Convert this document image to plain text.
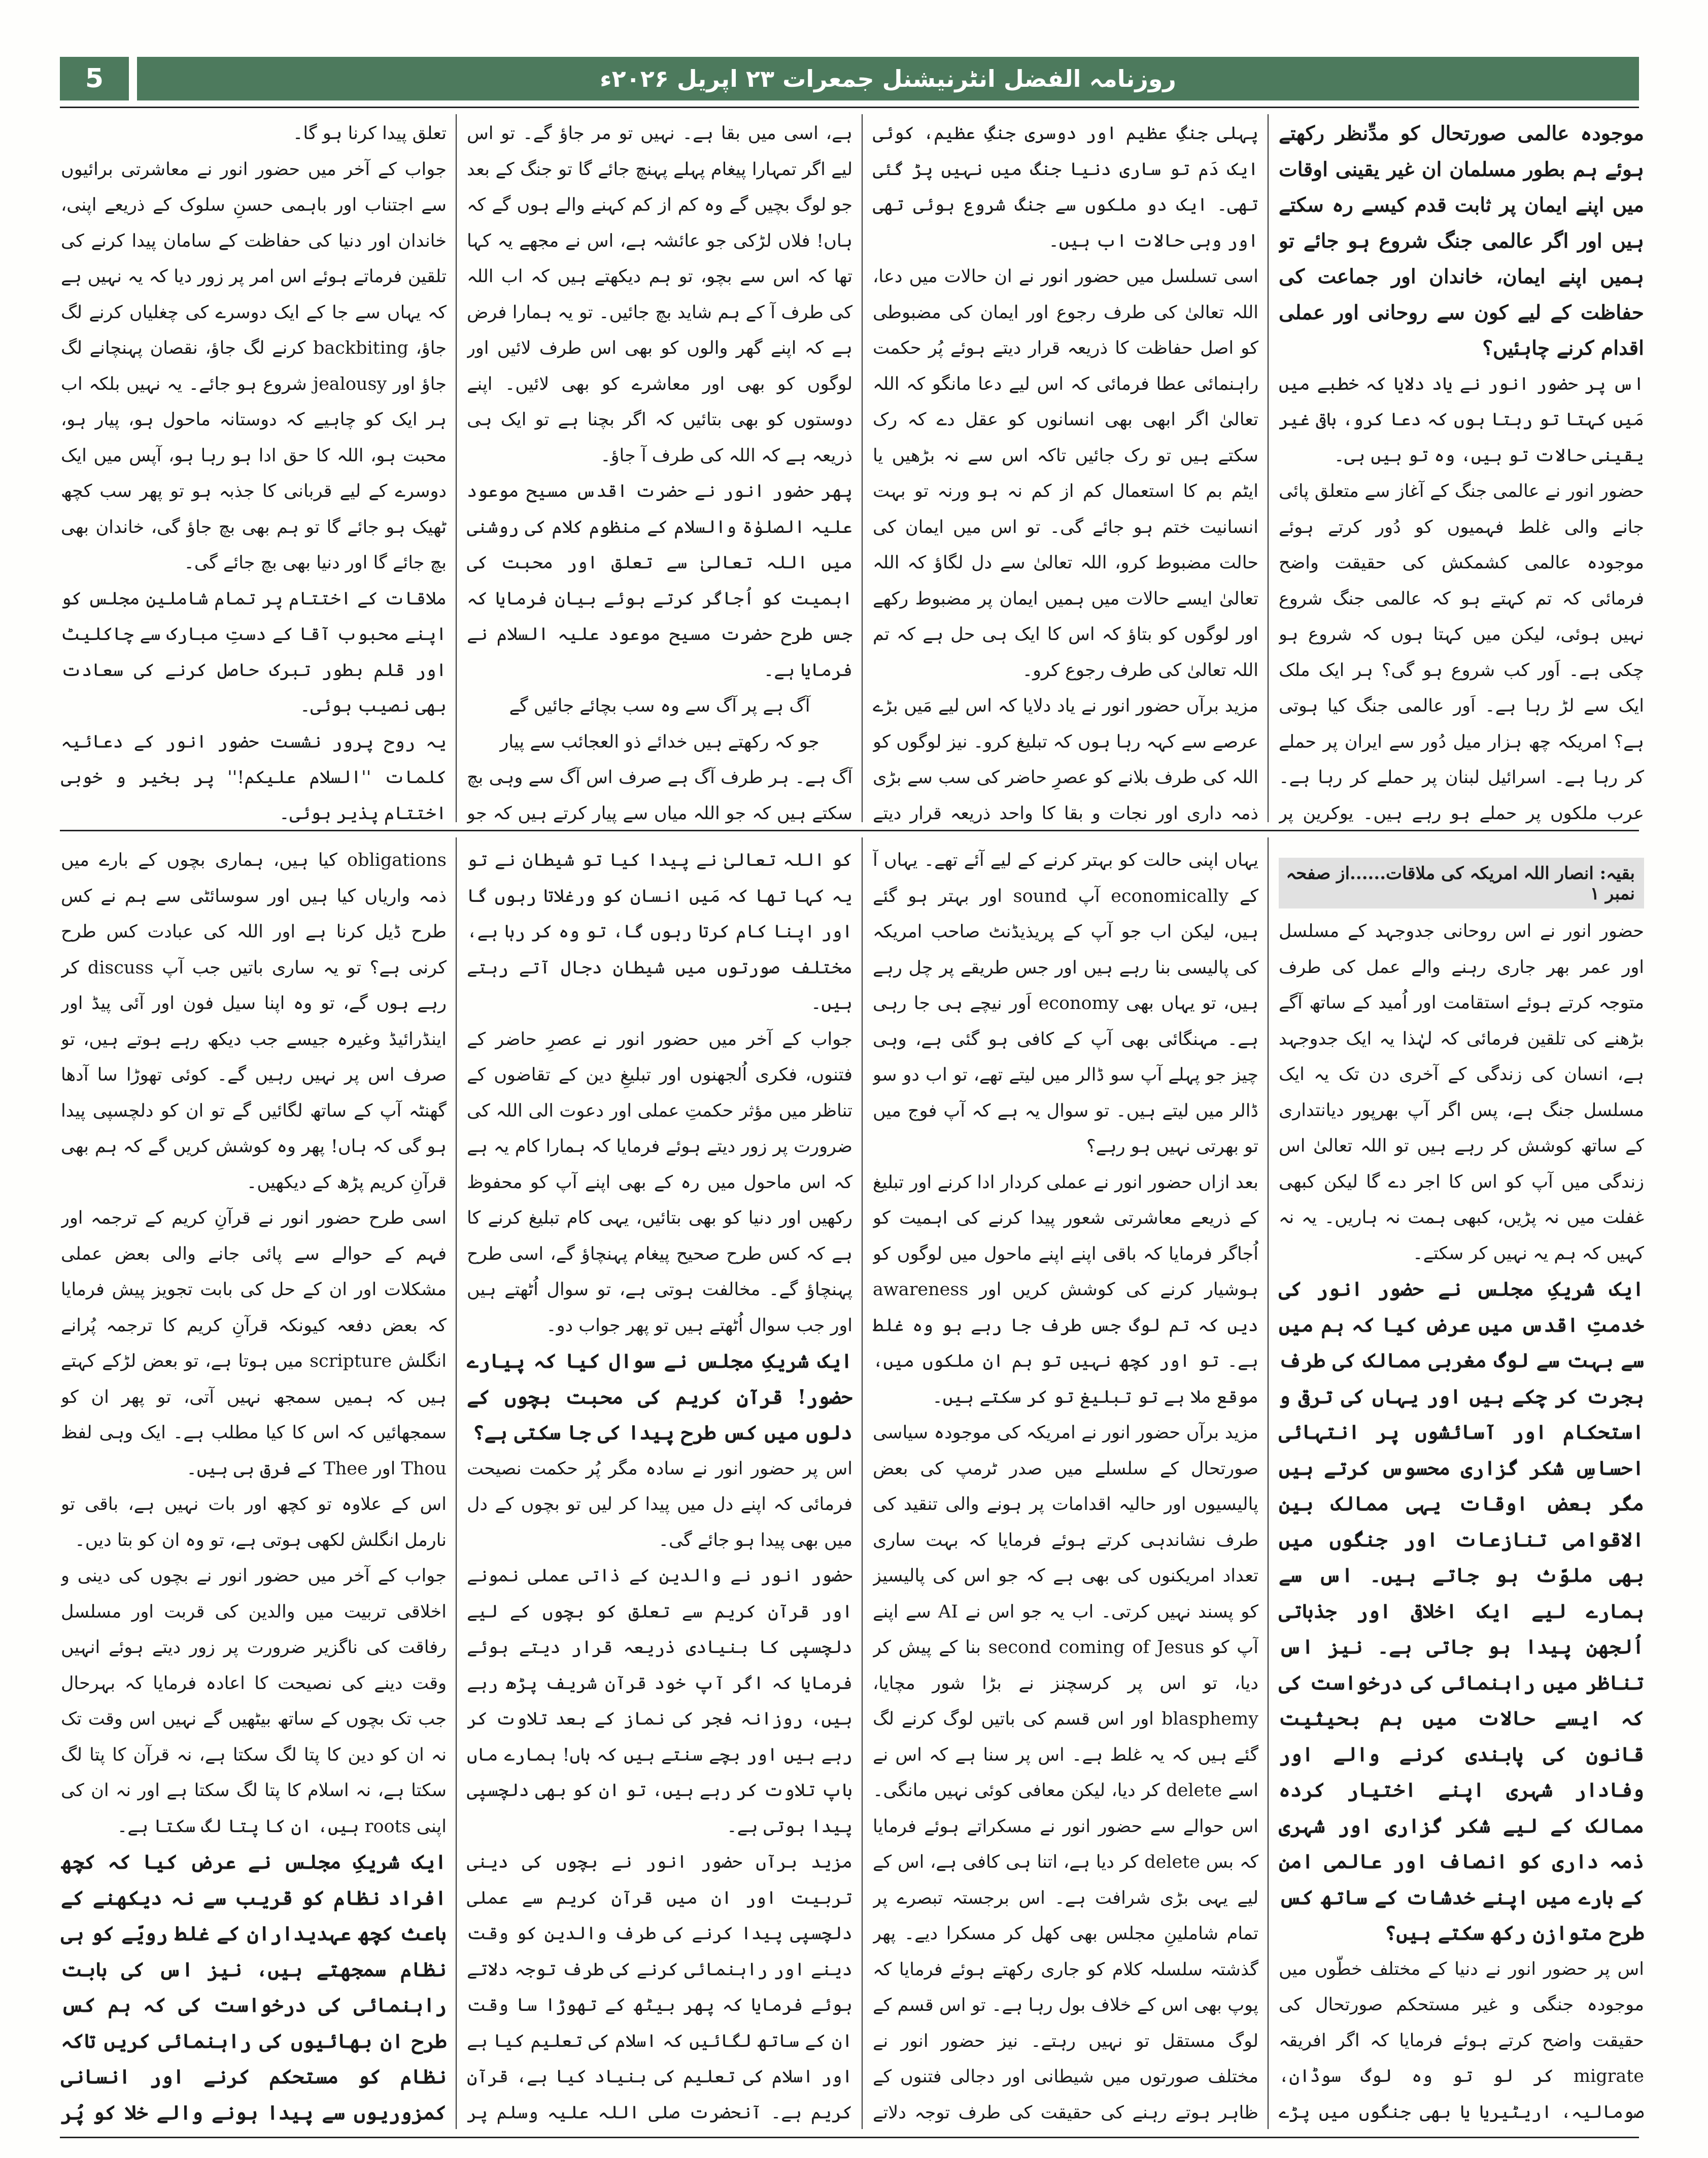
5	روزنامہ الفضل انٹرنیشنل جمعرات ۲۳ اپریل ۲۰۲۶ء

موجودہ عالمی صورتحال کو مدِّنظر رکھتے ہوئے ہم بطور مسلمان ان غیر یقینی اوقات میں اپنے ایمان پر ثابت قدم کیسے رہ سکتے ہیں اور اگر عالمی جنگ شروع ہو جائے تو ہمیں اپنے ایمان، خاندان اور جماعت کی حفاظت کے لیے کون سے روحانی اور عملی اقدام کرنے چاہئیں؟

اس پر حضور انور نے یاد دلایا کہ خطبے میں مَیں کہتا تو رہتا ہوں کہ دعا کرو، باقی غیر یقینی حالات تو ہیں، وہ تو ہیں ہی۔

حضور انور نے عالمی جنگ کے آغاز سے متعلق پائی جانے والی غلط فہمیوں کو دُور کرتے ہوئے موجودہ عالمی کشمکش کی حقیقت واضح فرمائی کہ تم کہتے ہو کہ عالمی جنگ شروع نہیں ہوئی، لیکن میں کہتا ہوں کہ شروع ہو چکی ہے۔ اَور کب شروع ہو گی؟ ہر ایک ملک ایک سے لڑ رہا ہے۔ اَور عالمی جنگ کیا ہوتی ہے؟ امریکہ چھ ہزار میل دُور سے ایران پر حملے کر رہا ہے۔ اسرائیل لبنان پر حملے کر رہا ہے۔ عرب ملکوں پر حملے ہو رہے ہیں۔ یوکرین پر

پہلی جنگِ عظیم اور دوسری جنگِ عظیم، کوئی ایک دَم تو ساری دنیا جنگ میں نہیں پڑ گئی تھی۔ ایک دو ملکوں سے جنگ شروع ہوئی تھی اور وہی حالات اب ہیں۔

اسی تسلسل میں حضور انور نے ان حالات میں دعا، اللہ تعالیٰ کی طرف رجوع اور ایمان کی مضبوطی کو اصل حفاظت کا ذریعہ قرار دیتے ہوئے پُر حکمت راہنمائی عطا فرمائی کہ اس لیے دعا مانگو کہ اللہ تعالیٰ اگر ابھی بھی انسانوں کو عقل دے کہ رک سکتے ہیں تو رک جائیں تاکہ اس سے نہ بڑھیں یا ایٹم بم کا استعمال کم از کم نہ ہو ورنہ تو بہت انسانیت ختم ہو جائے گی۔ تو اس میں ایمان کی حالت مضبوط کرو، اللہ تعالیٰ سے دل لگاؤ کہ اللہ تعالیٰ ایسے حالات میں ہمیں ایمان پر مضبوط رکھے اور لوگوں کو بتاؤ کہ اس کا ایک ہی حل ہے کہ تم اللہ تعالیٰ کی طرف رجوع کرو۔

مزید برآں حضور انور نے یاد دلایا کہ اس لیے مَیں بڑے عرصے سے کہہ رہا ہوں کہ تبلیغ کرو۔ نیز لوگوں کو اللہ کی طرف بلانے کو عصرِ حاضر کی سب سے بڑی ذمہ داری اور نجات و بقا کا واحد ذریعہ قرار دیتے

ہے، اسی میں بقا ہے۔ نہیں تو مر جاؤ گے۔ تو اس لیے اگر تمہارا پیغام پہلے پہنچ جائے گا تو جنگ کے بعد جو لوگ بچیں گے وہ کم از کم کہنے والے ہوں گے کہ ہاں! فلاں لڑکی جو عائشہ ہے، اس نے مجھے یہ کہا تھا کہ اس سے بچو، تو ہم دیکھتے ہیں کہ اب اللہ کی طرف آ کے ہم شاید بچ جائیں۔ تو یہ ہمارا فرض ہے کہ اپنے گھر والوں کو بھی اس طرف لائیں اور لوگوں کو بھی اور معاشرے کو بھی لائیں۔ اپنے دوستوں کو بھی بتائیں کہ اگر بچنا ہے تو ایک ہی ذریعہ ہے کہ اللہ کی طرف آ جاؤ۔

پھر حضور انور نے حضرت اقدس مسیح موعود علیہ الصلوٰۃ والسلام کے منظوم کلام کی روشنی میں اللہ تعالیٰ سے تعلق اور محبت کی اہمیت کو اُجاگر کرتے ہوئے بیان فرمایا کہ جس طرح حضرت مسیح موعود علیہ السلام نے فرمایا ہے۔

آگ ہے پر آگ سے وہ سب بچائے جائیں گے

جو کہ رکھتے ہیں خدائے ذو العجائب سے پیار

آگ ہے۔ ہر طرف آگ ہے صرف اس آگ سے وہی بچ سکتے ہیں کہ جو اللہ میاں سے پیار کرتے ہیں کہ جو

تعلق پیدا کرنا ہو گا۔

جواب کے آخر میں حضور انور نے معاشرتی برائیوں سے اجتناب اور باہمی حسنِ سلوک کے ذریعے اپنی، خاندان اور دنیا کی حفاظت کے سامان پیدا کرنے کی تلقین فرماتے ہوئے اس امر پر زور دیا کہ یہ نہیں ہے کہ یہاں سے جا کے ایک دوسرے کی چغلیاں کرنے لگ جاؤ، backbiting کرنے لگ جاؤ، نقصان پہنچانے لگ جاؤ اور jealousy شروع ہو جائے۔ یہ نہیں بلکہ اب ہر ایک کو چاہیے کہ دوستانہ ماحول ہو، پیار ہو، محبت ہو، اللہ کا حق ادا ہو رہا ہو، آپس میں ایک دوسرے کے لیے قربانی کا جذبہ ہو تو پھر سب کچھ ٹھیک ہو جائے گا تو ہم بھی بچ جاؤ گی، خاندان بھی بچ جائے گا اور دنیا بھی بچ جائے گی۔

ملاقات کے اختتام پر تمام شاملینِ مجلس کو اپنے محبوب آقا کے دستِ مبارک سے چاکلیٹ اور قلم بطور تبرک حاصل کرنے کی سعادت بھی نصیب ہوئی۔

یہ روح پرور نشست حضور انور کے دعائیہ کلمات ''السلام علیکم!'' پر بخیر و خوبی اختتام پذیر ہوئی۔

بقیہ: انصار اللہ امریکہ کی ملاقات......از صفحہ نمبر ۱

حضور انور نے اس روحانی جدوجہد کے مسلسل اور عمر بھر جاری رہنے والے عمل کی طرف متوجہ کرتے ہوئے استقامت اور اُمید کے ساتھ آگے بڑھنے کی تلقین فرمائی کہ لہٰذا یہ ایک جدوجہد ہے، انسان کی زندگی کے آخری دن تک یہ ایک مسلسل جنگ ہے، پس اگر آپ بھرپور دیانتداری کے ساتھ کوشش کر رہے ہیں تو اللہ تعالیٰ اس زندگی میں آپ کو اس کا اجر دے گا لیکن کبھی غفلت میں نہ پڑیں، کبھی ہمت نہ ہاریں۔ یہ نہ کہیں کہ ہم یہ نہیں کر سکتے۔

ایک شریکِ مجلس نے حضور انور کی خدمتِ اقدس میں عرض کیا کہ ہم میں سے بہت سے لوگ مغربی ممالک کی طرف ہجرت کر چکے ہیں اور یہاں کی ترقی و استحکام اور آسائشوں پر انتہائی احساسِ شکر گزاری محسوس کرتے ہیں مگر بعض اوقات یہی ممالک بین الاقوامی تنازعات اور جنگوں میں بھی ملوّث ہو جاتے ہیں۔ اس سے ہمارے لیے ایک اخلاقی اور جذباتی اُلجھن پیدا ہو جاتی ہے۔ نیز اس تناظر میں راہنمائی کی درخواست کی کہ ایسے حالات میں ہم بحیثیت قانون کی پابندی کرنے والے اور وفادار شہری اپنے اختیار کردہ ممالک کے لیے شکر گزاری اور شہری ذمہ داری کو انصاف اور عالمی امن کے بارے میں اپنے خدشات کے ساتھ کس طرح متوازن رکھ سکتے ہیں؟

اس پر حضور انور نے دنیا کے مختلف خطّوں میں موجودہ جنگی و غیر مستحکم صورتحال کی حقیقت واضح کرتے ہوئے فرمایا کہ اگر افریقہ migrate کر لو تو وہ لوگ سوڈان، صومالیہ، اریٹیریا یا بھی جنگوں میں پڑے

یہاں اپنی حالت کو بہتر کرنے کے لیے آئے تھے۔ یہاں آ کے economically آپ sound اور بہتر ہو گئے ہیں، لیکن اب جو آپ کے پریذیڈنٹ صاحب امریکہ کی پالیسی بنا رہے ہیں اور جس طریقے پر چل رہے ہیں، تو یہاں بھی economy اَور نیچے ہی جا رہی ہے۔ مہنگائی بھی آپ کے کافی ہو گئی ہے، وہی چیز جو پہلے آپ سو ڈالر میں لیتے تھے، تو اب دو سو ڈالر میں لیتے ہیں۔ تو سوال یہ ہے کہ آپ فوج میں تو بھرتی نہیں ہو رہے؟

بعد ازاں حضور انور نے عملی کردار ادا کرنے اور تبلیغ کے ذریعے معاشرتی شعور پیدا کرنے کی اہمیت کو اُجاگر فرمایا کہ باقی اپنے اپنے ماحول میں لوگوں کو ہوشیار کرنے کی کوشش کریں اور awareness دیں کہ تم لوگ جس طرف جا رہے ہو وہ غلط ہے۔ تو اور کچھ نہیں تو ہم ان ملکوں میں، موقع ملا ہے تو تبلیغ تو کر سکتے ہیں۔

مزید برآں حضور انور نے امریکہ کی موجودہ سیاسی صورتحال کے سلسلے میں صدر ٹرمپ کی بعض پالیسیوں اور حالیہ اقدامات پر ہونے والی تنقید کی طرف نشاندہی کرتے ہوئے فرمایا کہ بہت ساری تعداد امریکنوں کی بھی ہے کہ جو اس کی پالیسیز کو پسند نہیں کرتی۔ اب یہ جو اس نے AI سے اپنے آپ کو second coming of Jesus بنا کے پیش کر دیا، تو اس پر کرسچنز نے بڑا شور مچایا، blasphemy اور اس قسم کی باتیں لوگ کرنے لگ گئے ہیں کہ یہ غلط ہے۔ اس پر سنا ہے کہ اس نے اسے delete کر دیا، لیکن معافی کوئی نہیں مانگی۔ اس حوالے سے حضور انور نے مسکراتے ہوئے فرمایا کہ بس delete کر دیا ہے، اتنا ہی کافی ہے، اس کے لیے یہی بڑی شرافت ہے۔ اس برجستہ تبصرے پر تمام شاملینِ مجلس بھی کھل کر مسکرا دیے۔ پھر گذشتہ سلسلہ کلام کو جاری رکھتے ہوئے فرمایا کہ پوپ بھی اس کے خلاف بول رہا ہے۔ تو اس قسم کے لوگ مستقل تو نہیں رہتے۔ نیز حضور انور نے مختلف صورتوں میں شیطانی اور دجالی فتنوں کے ظاہر ہوتے رہنے کی حقیقت کی طرف توجہ دلاتے

کو اللہ تعالیٰ نے پیدا کیا تو شیطان نے تو یہ کہا تھا کہ مَیں انسان کو ورغلاتا رہوں گا اور اپنا کام کرتا رہوں گا، تو وہ کر رہا ہے، مختلف صورتوں میں شیطان دجال آتے رہتے ہیں۔

جواب کے آخر میں حضور انور نے عصرِ حاضر کے فتنوں، فکری اُلجھنوں اور تبلیغِ دین کے تقاضوں کے تناظر میں مؤثر حکمتِ عملی اور دعوت الی اللہ کی ضرورت پر زور دیتے ہوئے فرمایا کہ ہمارا کام یہ ہے کہ اس ماحول میں رہ کے بھی اپنے آپ کو محفوظ رکھیں اور دنیا کو بھی بتائیں، یہی کام تبلیغ کرنے کا ہے کہ کس طرح صحیح پیغام پہنچاؤ گے، اسی طرح پہنچاؤ گے۔ مخالفت ہوتی ہے، تو سوال اُٹھتے ہیں اور جب سوال اُٹھتے ہیں تو پھر جواب دو۔

ایک شریکِ مجلس نے سوال کیا کہ پیارے حضور! قرآنِ کریم کی محبت بچوں کے دلوں میں کس طرح پیدا کی جا سکتی ہے؟

اس پر حضور انور نے سادہ مگر پُر حکمت نصیحت فرمائی کہ اپنے دل میں پیدا کر لیں تو بچوں کے دل میں بھی پیدا ہو جائے گی۔

حضور انور نے والدین کے ذاتی عملی نمونے اور قرآنِ کریم سے تعلق کو بچوں کے لیے دلچسپی کا بنیادی ذریعہ قرار دیتے ہوئے فرمایا کہ اگر آپ خود قرآن شریف پڑھ رہے ہیں، روزانہ فجر کی نماز کے بعد تلاوت کر رہے ہیں اور بچے سنتے ہیں کہ ہاں! ہمارے ماں باپ تلاوت کر رہے ہیں، تو ان کو بھی دلچسپی پیدا ہوتی ہے۔

مزید برآں حضور انور نے بچوں کی دینی تربیت اور ان میں قرآنِ کریم سے عملی دلچسپی پیدا کرنے کی طرف والدین کو وقت دینے اور راہنمائی کرنے کی طرف توجہ دلاتے ہوئے فرمایا کہ پھر بیٹھ کے تھوڑا سا وقت ان کے ساتھ لگائیں کہ اسلام کی تعلیم کیا ہے اور اسلام کی تعلیم کی بنیاد کیا ہے، قرآنِ کریم ہے۔ آنحضرت صلی اللہ علیہ وسلم پر

obligations کیا ہیں، ہماری بچوں کے بارے میں ذمہ واریاں کیا ہیں اور سوسائٹی سے ہم نے کس طرح ڈیل کرنا ہے اور اللہ کی عبادت کس طرح کرنی ہے؟ تو یہ ساری باتیں جب آپ discuss کر رہے ہوں گے، تو وہ اپنا سیل فون اور آئی پیڈ اور اینڈرائیڈ وغیرہ جیسے جب دیکھ رہے ہوتے ہیں، تو صرف اس پر نہیں رہیں گے۔ کوئی تھوڑا سا آدھا گھنٹہ آپ کے ساتھ لگائیں گے تو ان کو دلچسپی پیدا ہو گی کہ ہاں! پھر وہ کوشش کریں گے کہ ہم بھی قرآنِ کریم پڑھ کے دیکھیں۔

اسی طرح حضور انور نے قرآنِ کریم کے ترجمہ اور فہم کے حوالے سے پائی جانے والی بعض عملی مشکلات اور ان کے حل کی بابت تجویز پیش فرمایا کہ بعض دفعہ کیونکہ قرآنِ کریم کا ترجمہ پُرانے انگلش scripture میں ہوتا ہے، تو بعض لڑکے کہتے ہیں کہ ہمیں سمجھ نہیں آتی، تو پھر ان کو سمجھائیں کہ اس کا کیا مطلب ہے۔ ایک وہی لفظ Thou اور Thee کے فرق ہی ہیں۔

اس کے علاوہ تو کچھ اور بات نہیں ہے، باقی تو نارمل انگلش لکھی ہوتی ہے، تو وہ ان کو بتا دیں۔

جواب کے آخر میں حضور انور نے بچوں کی دینی و اخلاقی تربیت میں والدین کی قربت اور مسلسل رفاقت کی ناگزیر ضرورت پر زور دیتے ہوئے انہیں وقت دینے کی نصیحت کا اعادہ فرمایا کہ بہرحال جب تک بچوں کے ساتھ بیٹھیں گے نہیں اس وقت تک نہ ان کو دین کا پتا لگ سکتا ہے، نہ قرآن کا پتا لگ سکتا ہے، نہ اسلام کا پتا لگ سکتا ہے اور نہ ان کی اپنی roots ہیں، ان کا پتا لگ سکتا ہے۔

ایک شریکِ مجلس نے عرض کیا کہ کچھ افراد نظام کو قریب سے نہ دیکھنے کے باعث کچھ عہدیداران کے غلط رویّے کو ہی نظام سمجھتے ہیں، نیز اس کی بابت راہنمائی کی درخواست کی کہ ہم کس طرح ان بھائیوں کی راہنمائی کریں تاکہ نظام کو مستحکم کرنے اور انسانی کمزوریوں سے پیدا ہونے والے خلا کو پُر
